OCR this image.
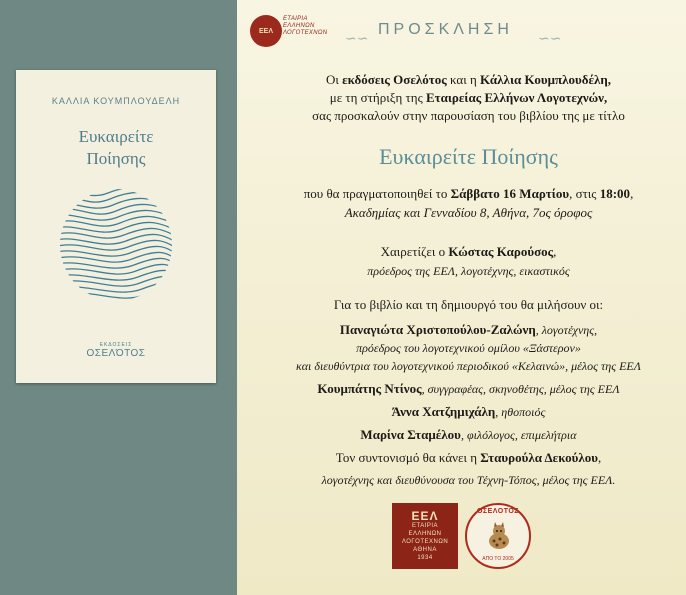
ΚΑΛΛΙΑ ΚΟΥΜΠΛΟΥΔΕΛΗ
Ευκαιρείτε
Ποίησης
ΕΚΔΟΣΕΙΣ
ΟΣΕΛΌΤΟΣ
ΕΕΛ
ΕΤΑΙΡΙΑ
ΕΛΛΗΝΩΝ
ΛΟΓΟΤΕΧΝΩΝ ∽∽
ΠΡΟΣΚΛΗΣΗ
∽∽
Οι εκδόσεις Οσελότος και η Κάλλια Κουμπλουδέλη,
με τη στήριξη της Εταιρείας Ελλήνων Λογοτεχνών,
σας προσκαλούν στην παρουσίαση του βιβλίου της με τίτλο
Ευκαιρείτε Ποίησης
που θα πραγματοποιηθεί το Σάββατο 16 Μαρτίου, στις 18:00,
Ακαδημίας και Γενναδίου 8, Αθήνα, 7ος όροφος
Χαιρετίζει ο Κώστας Καρούσος,
πρόεδρος της ΕΕΛ, λογοτέχνης, εικαστικός
Για το βιβλίο και τη δημιουργό του θα μιλήσουν οι:
Παναγιώτα Χριστοπούλου-Ζαλώνη, λογοτέχνης,
πρόεδρος του λογοτεχνικού ομίλου «Ξάστερον»
και διευθύντρια του λογοτεχνικού περιοδικού «Κελαινώ», μέλος της ΕΕΛ
Κουμπάτης Ντίνος, συγγραφέας, σκηνοθέτης, μέλος της ΕΕΛ
Άννα Χατζημιχάλη, ηθοποιός
Μαρίνα Σταμέλου, φιλόλογος, επιμελήτρια
Τον συντονισμό θα κάνει η Σταυρούλα Δεκούλου,
λογοτέχνης και διευθύνουσα του Τέχνη-Τόπος, μέλος της ΕΕΛ.
ΕΕΛ
ΕΤΑΙΡΙΑ
ΕΛΛΗΝΩΝ
ΛΟΓΟΤΕΧΝΩΝ
ΑΘΗΝΑ
1934
ΟΣΕΛΟΤΟΣ
ΑΠΟ ΤΟ 2005
